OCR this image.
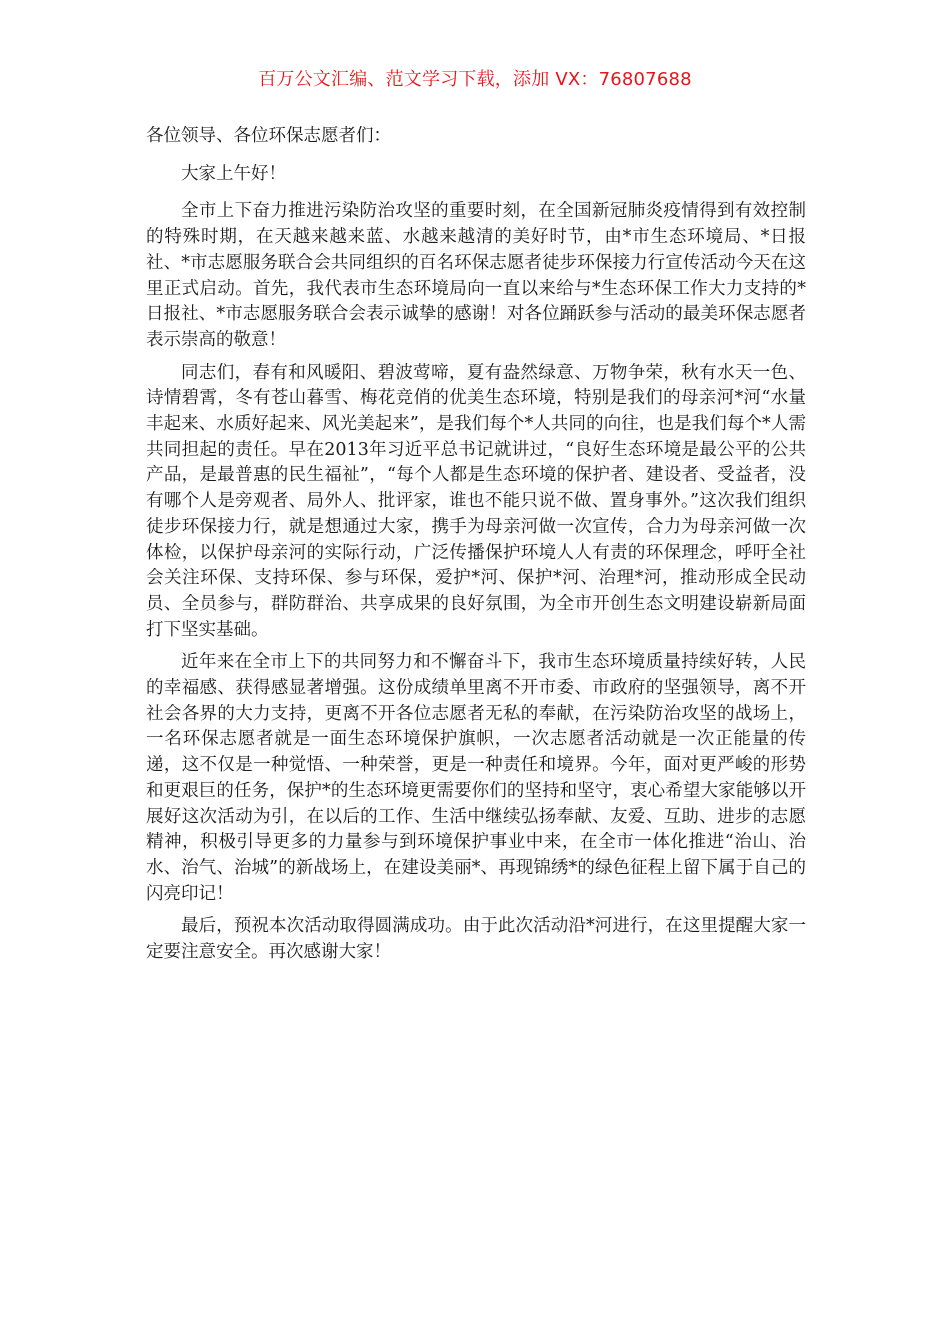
百万公文汇编、范文学习下载，添加 VX：76807688

各位领导、各位环保志愿者们：

大家上午好！

全市上下奋力推进污染防治攻坚的重要时刻，在全国新冠肺炎疫情得到有效控制的特殊时期，在天越来越来蓝、水越来越清的美好时节，由*市生态环境局、*日报社、*市志愿服务联合会共同组织的百名环保志愿者徒步环保接力行宣传活动今天在这里正式启动。首先，我代表市生态环境局向一直以来给与*生态环保工作大力支持的*日报社、*市志愿服务联合会表示诚挚的感谢！对各位踊跃参与活动的最美环保志愿者表示崇高的敬意！

同志们，春有和风暖阳、碧波莺啼，夏有盎然绿意、万物争荣，秋有水天一色、诗情碧霄，冬有苍山暮雪、梅花竞俏的优美生态环境，特别是我们的母亲河*河“水量丰起来、水质好起来、风光美起来”，是我们每个*人共同的向往，也是我们每个*人需共同担起的责任。早在2013年习近平总书记就讲过，“良好生态环境是最公平的公共产品，是最普惠的民生福祉”，“每个人都是生态环境的保护者、建设者、受益者，没有哪个人是旁观者、局外人、批评家，谁也不能只说不做、置身事外。”这次我们组织徒步环保接力行，就是想通过大家，携手为母亲河做一次宣传，合力为母亲河做一次体检，以保护母亲河的实际行动，广泛传播保护环境人人有责的环保理念，呼吁全社会关注环保、支持环保、参与环保，爱护*河、保护*河、治理*河，推动形成全民动员、全员参与，群防群治、共享成果的良好氛围，为全市开创生态文明建设崭新局面打下坚实基础。

近年来在全市上下的共同努力和不懈奋斗下，我市生态环境质量持续好转，人民的幸福感、获得感显著增强。这份成绩单里离不开市委、市政府的坚强领导，离不开社会各界的大力支持，更离不开各位志愿者无私的奉献，在污染防治攻坚的战场上，一名环保志愿者就是一面生态环境保护旗帜，一次志愿者活动就是一次正能量的传递，这不仅是一种觉悟、一种荣誉，更是一种责任和境界。今年，面对更严峻的形势和更艰巨的任务，保护*的生态环境更需要你们的坚持和坚守，衷心希望大家能够以开展好这次活动为引，在以后的工作、生活中继续弘扬奉献、友爱、互助、进步的志愿精神，积极引导更多的力量参与到环境保护事业中来，在全市一体化推进“治山、治水、治气、治城”的新战场上，在建设美丽*、再现锦绣*的绿色征程上留下属于自己的闪亮印记！

最后，预祝本次活动取得圆满成功。由于此次活动沿*河进行，在这里提醒大家一定要注意安全。再次感谢大家！
